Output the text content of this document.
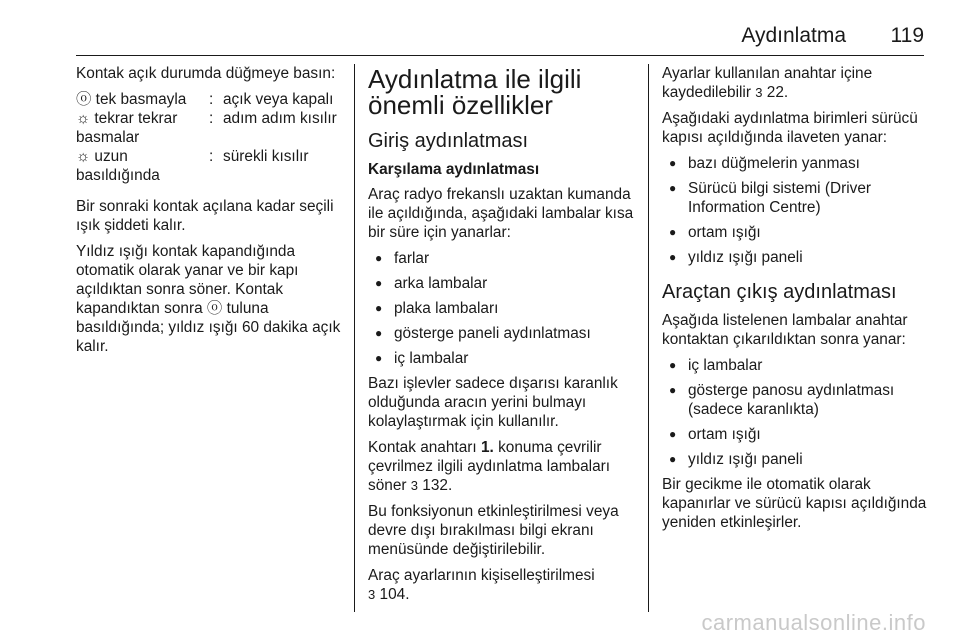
Aydınlatma 119

Kontak açık durumda düğmeye basın:

ⓞ tek basmayla	: açık veya kapalı
☼ tekrar tekrar basmalar
: adım adım kısılır
☼ uzun basıldığında
: sürekli kısılır

Bir sonraki kontak açılana kadar seçili ışık şiddeti kalır.

Yıldız ışığı kontak kapandığında otomatik olarak yanar ve bir kapı açıldıktan sonra söner. Kontak kapandıktan sonra ⓞ tuluna basıldığında; yıldız ışığı 60 dakika açık kalır.

Aydınlatma ile ilgili önemli özellikler
Giriş aydınlatması
Karşılama aydınlatması

Araç radyo frekanslı uzaktan kumanda ile açıldığında, aşağıdaki lambalar kısa bir süre için yanarlar:

● farlar
● arka lambalar
● plaka lambaları
● gösterge paneli aydınlatması
● iç lambalar

Bazı işlevler sadece dışarısı karanlık olduğunda aracın yerini bulmayı kolaylaştırmak için kullanılır.

Kontak anahtarı 1. konuma çevrilir çevrilmez ilgili aydınlatma lambaları söner 3 132.

Bu fonksiyonun etkinleştirilmesi veya devre dışı bırakılması bilgi ekranı menüsünde değiştirilebilir.

Araç ayarlarının kişiselleştirilmesi
3 104.

Ayarlar kullanılan anahtar içine kaydedilebilir 3 22.

Aşağıdaki aydınlatma birimleri sürücü kapısı açıldığında ilaveten yanar:

● bazı düğmelerin yanması
● Sürücü bilgi sistemi (Driver Information Centre)
● ortam ışığı
● yıldız ışığı paneli
Araçtan çıkış aydınlatması

Aşağıda listelenen lambalar anahtar kontaktan çıkarıldıktan sonra yanar:

● iç lambalar
● gösterge panosu aydınlatması (sadece karanlıkta)
● ortam ışığı
● yıldız ışığı paneli

Bir gecikme ile otomatik olarak kapanırlar ve sürücü kapısı açıldığında yeniden etkinleşirler.

carmanualsonline.info
